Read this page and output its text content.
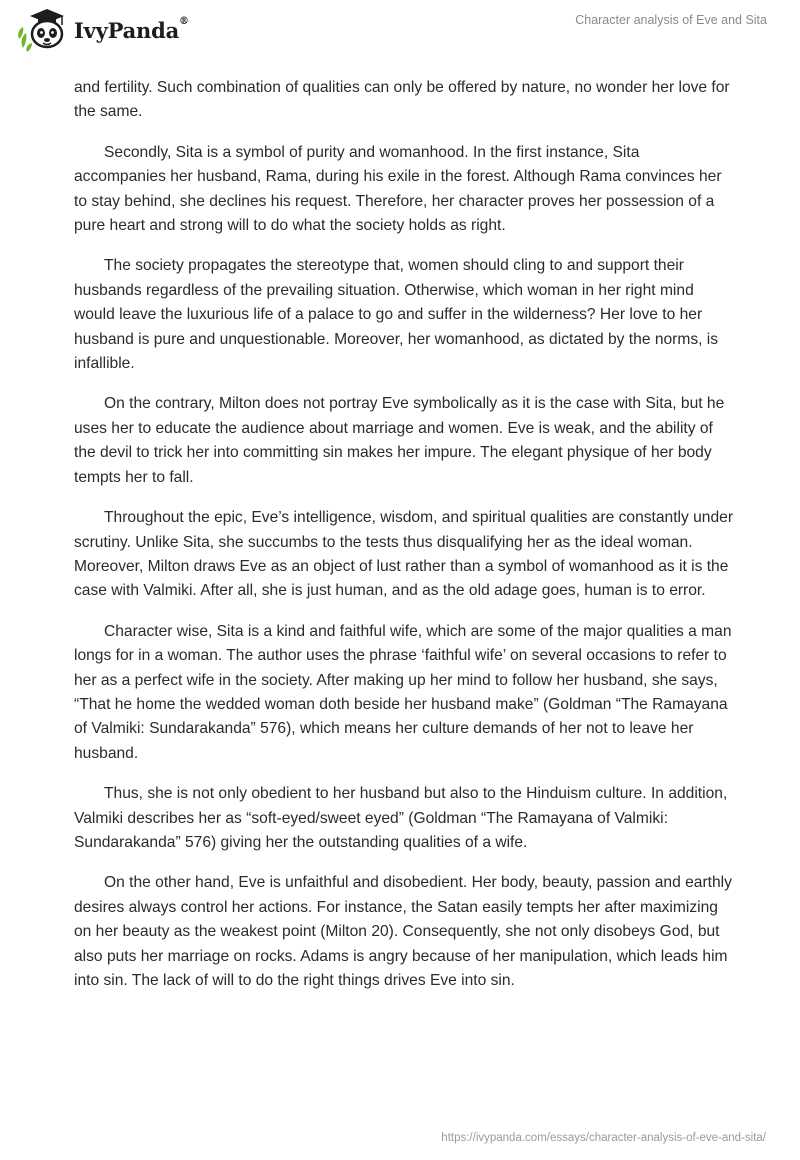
IvyPanda®	Character analysis of Eve and Sita

and fertility. Such combination of qualities can only be offered by nature, no wonder her love for the same.

Secondly, Sita is a symbol of purity and womanhood. In the first instance, Sita accompanies her husband, Rama, during his exile in the forest. Although Rama convinces her to stay behind, she declines his request. Therefore, her character proves her possession of a pure heart and strong will to do what the society holds as right.

The society propagates the stereotype that, women should cling to and support their husbands regardless of the prevailing situation. Otherwise, which woman in her right mind would leave the luxurious life of a palace to go and suffer in the wilderness? Her love to her husband is pure and unquestionable. Moreover, her womanhood, as dictated by the norms, is infallible.

On the contrary, Milton does not portray Eve symbolically as it is the case with Sita, but he uses her to educate the audience about marriage and women. Eve is weak, and the ability of the devil to trick her into committing sin makes her impure. The elegant physique of her body tempts her to fall.

Throughout the epic, Eve’s intelligence, wisdom, and spiritual qualities are constantly under scrutiny. Unlike Sita, she succumbs to the tests thus disqualifying her as the ideal woman. Moreover, Milton draws Eve as an object of lust rather than a symbol of womanhood as it is the case with Valmiki. After all, she is just human, and as the old adage goes, human is to error.

Character wise, Sita is a kind and faithful wife, which are some of the major qualities a man longs for in a woman. The author uses the phrase ‘faithful wife’ on several occasions to refer to her as a perfect wife in the society. After making up her mind to follow her husband, she says, “That he home the wedded woman doth beside her husband make” (Goldman “The Ramayana of Valmiki: Sundarakanda” 576), which means her culture demands of her not to leave her husband.

Thus, she is not only obedient to her husband but also to the Hinduism culture. In addition, Valmiki describes her as “soft-eyed/sweet eyed” (Goldman “The Ramayana of Valmiki: Sundarakanda” 576) giving her the outstanding qualities of a wife.

On the other hand, Eve is unfaithful and disobedient. Her body, beauty, passion and earthly desires always control her actions. For instance, the Satan easily tempts her after maximizing on her beauty as the weakest point (Milton 20). Consequently, she not only disobeys God, but also puts her marriage on rocks. Adams is angry because of her manipulation, which leads him into sin. The lack of will to do the right things drives Eve into sin.

https://ivypanda.com/essays/character-analysis-of-eve-and-sita/
